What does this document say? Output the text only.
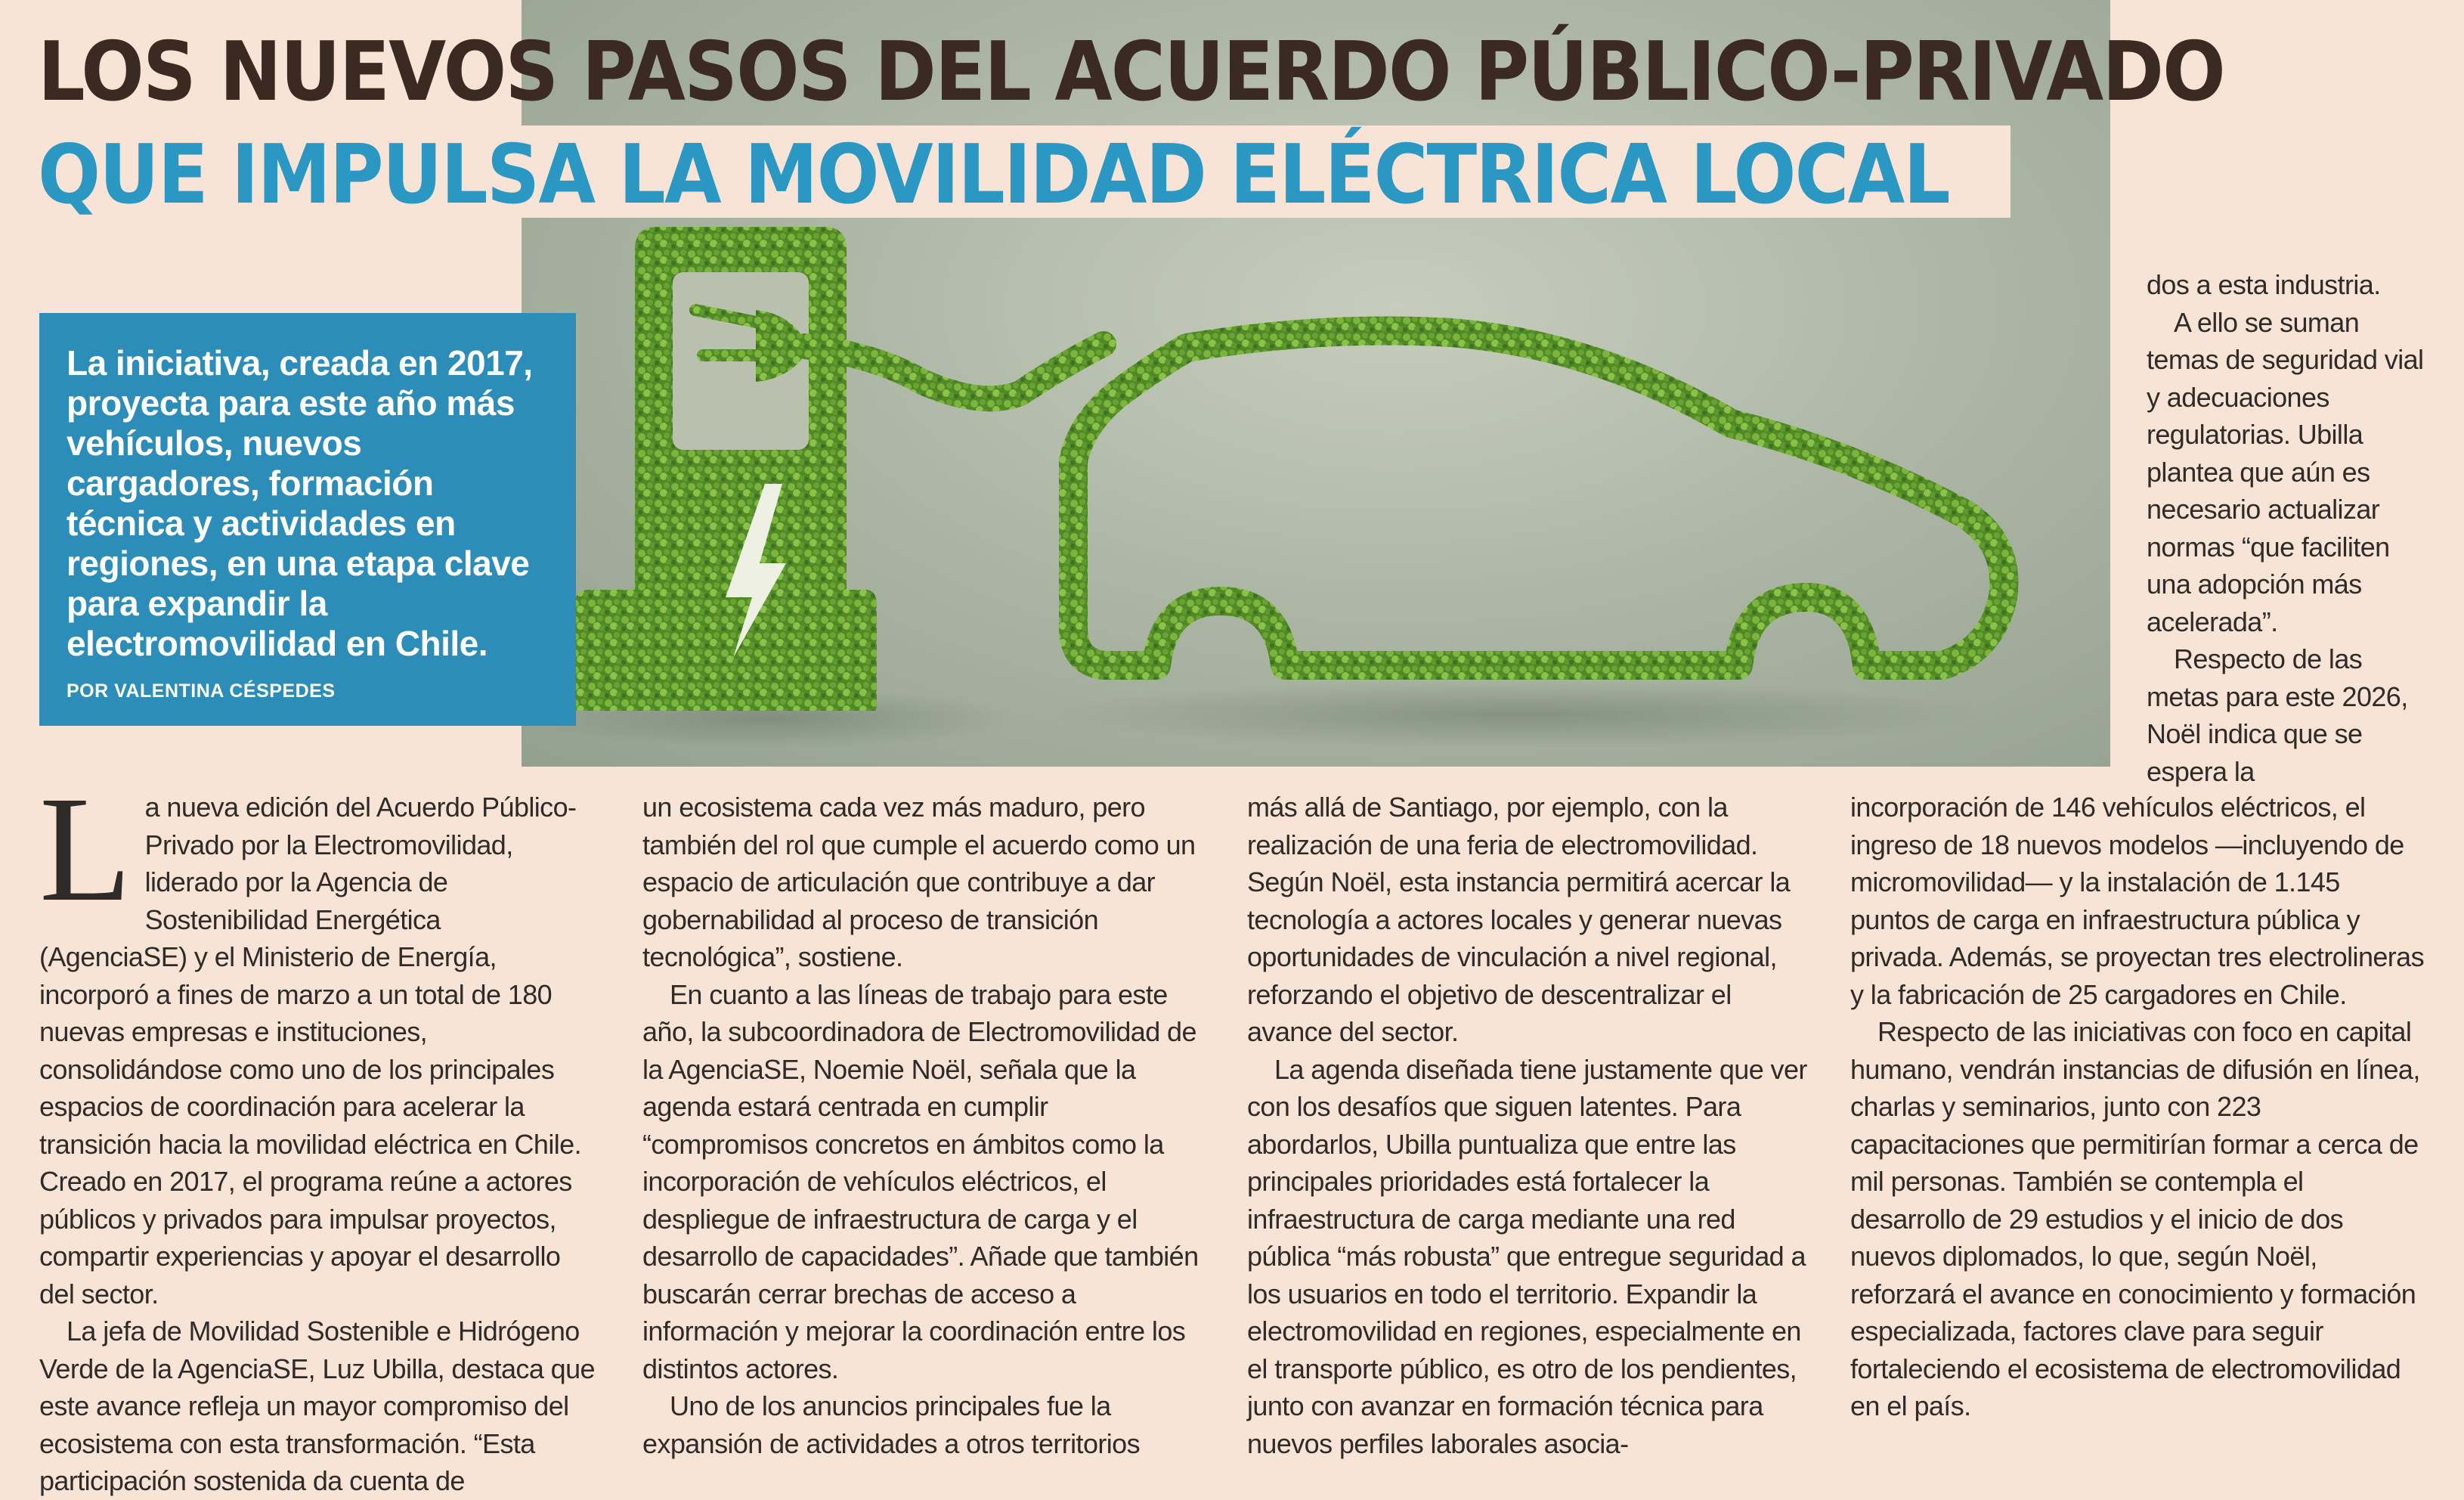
LOS NUEVOS PASOS DEL ACUERDO PÚBLICO-PRIVADO
QUE IMPULSA LA MOVILIDAD ELÉCTRICA LOCAL

La iniciativa, creada en 2017, proyecta para este año más vehículos, nuevos cargadores, formación técnica y actividades en regiones, en una etapa clave para expandir la electromovilidad en Chile.

POR VALENTINA CÉSPEDES

dos a esta industria.

A ello se suman temas de seguridad vial y adecuaciones regulatorias. Ubilla plantea que aún es necesario actualizar normas “que faciliten una adopción más acelerada”.

Respecto de las metas para este 2026, Noël indica que se espera la

La nueva edición del Acuerdo Público-Privado por la Electromovilidad, liderado por la Agencia de Sostenibilidad Energética (AgenciaSE) y el Ministerio de Energía, incorporó a fines de marzo a un total de 180 nuevas empresas e instituciones, consolidándose como uno de los principales espacios de coordinación para acelerar la transición hacia la movilidad eléctrica en Chile. Creado en 2017, el programa reúne a actores públicos y privados para impulsar proyectos, compartir experiencias y apoyar el desarrollo del sector.

La jefa de Movilidad Sostenible e Hidrógeno Verde de la AgenciaSE, Luz Ubilla, destaca que este avance refleja un mayor compromiso del ecosistema con esta transformación. “Esta participación sostenida da cuenta de

un ecosistema cada vez más maduro, pero también del rol que cumple el acuerdo como un espacio de articulación que contribuye a dar gobernabilidad al proceso de transición tecnológica”, sostiene.

En cuanto a las líneas de trabajo para este año, la subcoordinadora de Electromovilidad de la AgenciaSE, Noemie Noël, señala que la agenda estará centrada en cumplir “compromisos concretos en ámbitos como la incorporación de vehículos eléctricos, el despliegue de infraestructura de carga y el desarrollo de capacidades”. Añade que también buscarán cerrar brechas de acceso a información y mejorar la coordinación entre los distintos actores.

Uno de los anuncios principales fue la expansión de actividades a otros territorios

más allá de Santiago, por ejemplo, con la realización de una feria de electromovilidad. Según Noël, esta instancia permitirá acercar la tecnología a actores locales y generar nuevas oportunidades de vinculación a nivel regional, reforzando el objetivo de descentralizar el avance del sector.

La agenda diseñada tiene justamente que ver con los desafíos que siguen latentes. Para abordarlos, Ubilla puntualiza que entre las principales prioridades está fortalecer la infraestructura de carga mediante una red pública “más robusta” que entregue seguridad a los usuarios en todo el territorio. Expandir la electromovilidad en regiones, especialmente en el transporte público, es otro de los pendientes, junto con avanzar en formación técnica para nuevos perfiles laborales asocia-

incorporación de 146 vehículos eléctricos, el ingreso de 18 nuevos modelos —incluyendo de micromovilidad— y la instalación de 1.145 puntos de carga en infraestructura pública y privada. Además, se proyectan tres electrolineras y la fabricación de 25 cargadores en Chile.

Respecto de las iniciativas con foco en capital humano, vendrán instancias de difusión en línea, charlas y seminarios, junto con 223 capacitaciones que permitirían formar a cerca de mil personas. También se contempla el desarrollo de 29 estudios y el inicio de dos nuevos diplomados, lo que, según Noël, reforzará el avance en conocimiento y formación especializada, factores clave para seguir fortaleciendo el ecosistema de electromovilidad en el país.
